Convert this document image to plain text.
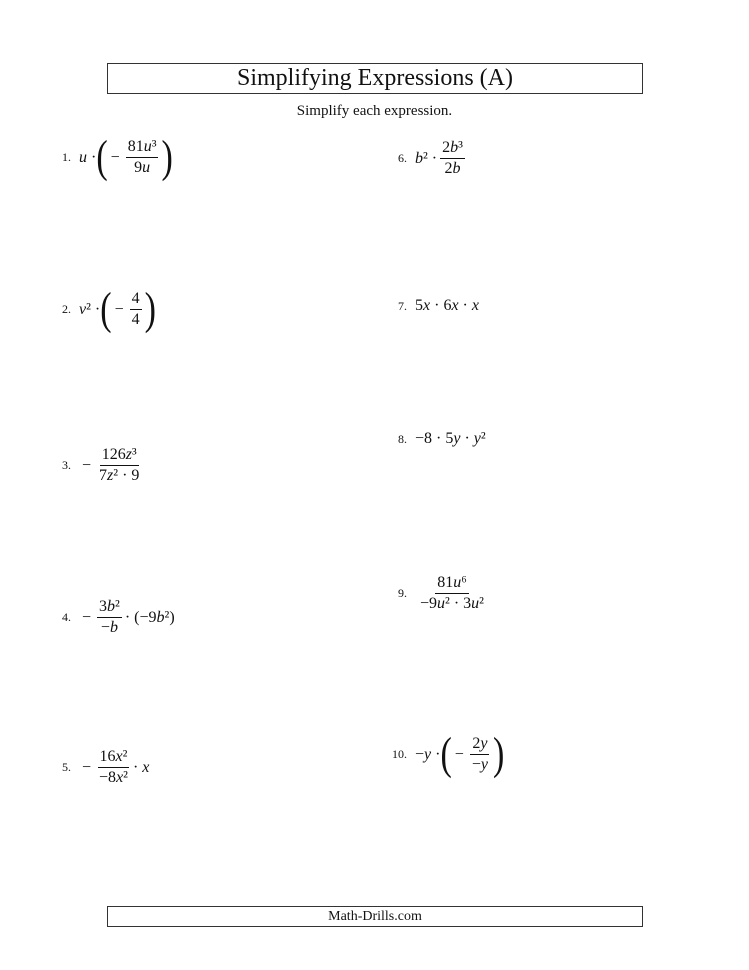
Simplifying Expressions (A)
Simplify each expression.
1. u · ( − $\frac{\text{81u³}}{9u}$ )
2. v² · ( − $\frac{4}{4}$ )
3. − $\frac{\text{126z³}}{\text{7z² · 9}}$
4. − $\frac{\text{3b²}}{-b} \cdot (-9b^2)$
5. − $\frac{\text{16x²}}{\text{−8x²}} \cdot x$
6. $b^2 \cdot \frac{\text{2b³}}{2b}$
7. 5x · 6x · x
8. −8 · 5y · y²
9. $\frac{\text{81u⁶}}{\text{−9u² · 3u²}}$
10. −y · ( − $\frac{2y}{-y}$ )
Math-Drills.com
